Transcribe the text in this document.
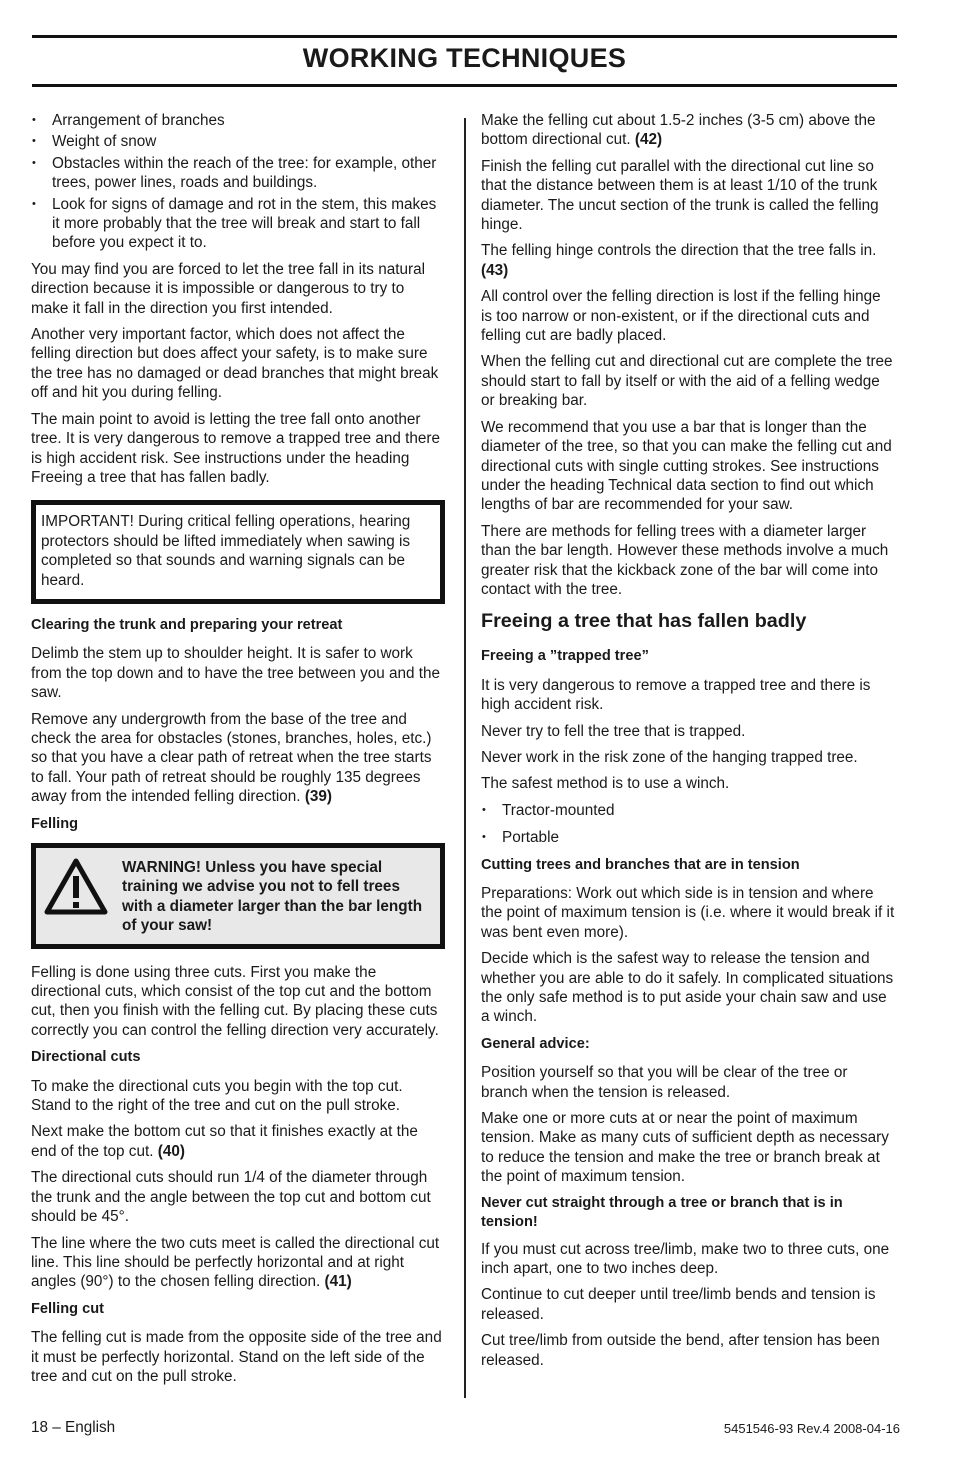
WORKING TECHNIQUES
• Arrangement of branches
• Weight of snow
• Obstacles within the reach of the tree: for example, other trees, power lines, roads and buildings.
• Look for signs of damage and rot in the stem, this makes it more probably that the tree will break and start to fall before you expect it to.

You may find you are forced to let the tree fall in its natural direction because it is impossible or dangerous to try to make it fall in the direction you first intended.

Another very important factor, which does not affect the felling direction but does affect your safety, is to make sure the tree has no damaged or dead branches that might break off and hit you during felling.

The main point to avoid is letting the tree fall onto another tree. It is very dangerous to remove a trapped tree and there is high accident risk. See instructions under the heading Freeing a tree that has fallen badly.

IMPORTANT! During critical felling operations, hearing protectors should be lifted immediately when sawing is completed so that sounds and warning signals can be heard.

Clearing the trunk and preparing your retreat

Delimb the stem up to shoulder height. It is safer to work from the top down and to have the tree between you and the saw.

Remove any undergrowth from the base of the tree and check the area for obstacles (stones, branches, holes, etc.) so that you have a clear path of retreat when the tree starts to fall. Your path of retreat should be roughly 135 degrees away from the intended felling direction. (39)

Felling

WARNING! Unless you have special training we advise you not to fell trees with a diameter larger than the bar length of your saw!

Felling is done using three cuts. First you make the directional cuts, which consist of the top cut and the bottom cut, then you finish with the felling cut. By placing these cuts correctly you can control the felling direction very accurately.

Directional cuts

To make the directional cuts you begin with the top cut. Stand to the right of the tree and cut on the pull stroke.

Next make the bottom cut so that it finishes exactly at the end of the top cut. (40)

The directional cuts should run 1/4 of the diameter through the trunk and the angle between the top cut and bottom cut should be 45°.

The line where the two cuts meet is called the directional cut line. This line should be perfectly horizontal and at right angles (90°) to the chosen felling direction. (41)

Felling cut

The felling cut is made from the opposite side of the tree and it must be perfectly horizontal. Stand on the left side of the tree and cut on the pull stroke.

Make the felling cut about 1.5-2 inches (3-5 cm) above the bottom directional cut. (42)

Finish the felling cut parallel with the directional cut line so that the distance between them is at least 1/10 of the trunk diameter. The uncut section of the trunk is called the felling hinge.

The felling hinge controls the direction that the tree falls in. (43)

All control over the felling direction is lost if the felling hinge is too narrow or non-existent, or if the directional cuts and felling cut are badly placed.

When the felling cut and directional cut are complete the tree should start to fall by itself or with the aid of a felling wedge or breaking bar.

We recommend that you use a bar that is longer than the diameter of the tree, so that you can make the felling cut and directional cuts with single cutting strokes. See instructions under the heading Technical data section to find out which lengths of bar are recommended for your saw.

There are methods for felling trees with a diameter larger than the bar length. However these methods involve a much greater risk that the kickback zone of the bar will come into contact with the tree.

Freeing a tree that has fallen badly

Freeing a ”trapped tree”

It is very dangerous to remove a trapped tree and there is high accident risk.

Never try to fell the tree that is trapped.

Never work in the risk zone of the hanging trapped tree.

The safest method is to use a winch.

• Tractor-mounted
• Portable

Cutting trees and branches that are in tension

Preparations: Work out which side is in tension and where the point of maximum tension is (i.e. where it would break if it was bent even more).

Decide which is the safest way to release the tension and whether you are able to do it safely. In complicated situations the only safe method is to put aside your chain saw and use a winch.

General advice:

Position yourself so that you will be clear of the tree or branch when the tension is released.

Make one or more cuts at or near the point of maximum tension. Make as many cuts of sufficient depth as necessary to reduce the tension and make the tree or branch break at the point of maximum tension.

Never cut straight through a tree or branch that is in tension!

If you must cut across tree/limb, make two to three cuts, one inch apart, one to two inches deep.

Continue to cut deeper until tree/limb bends and tension is released.

Cut tree/limb from outside the bend, after tension has been released.

18 – English	5451546-93 Rev.4 2008-04-16
